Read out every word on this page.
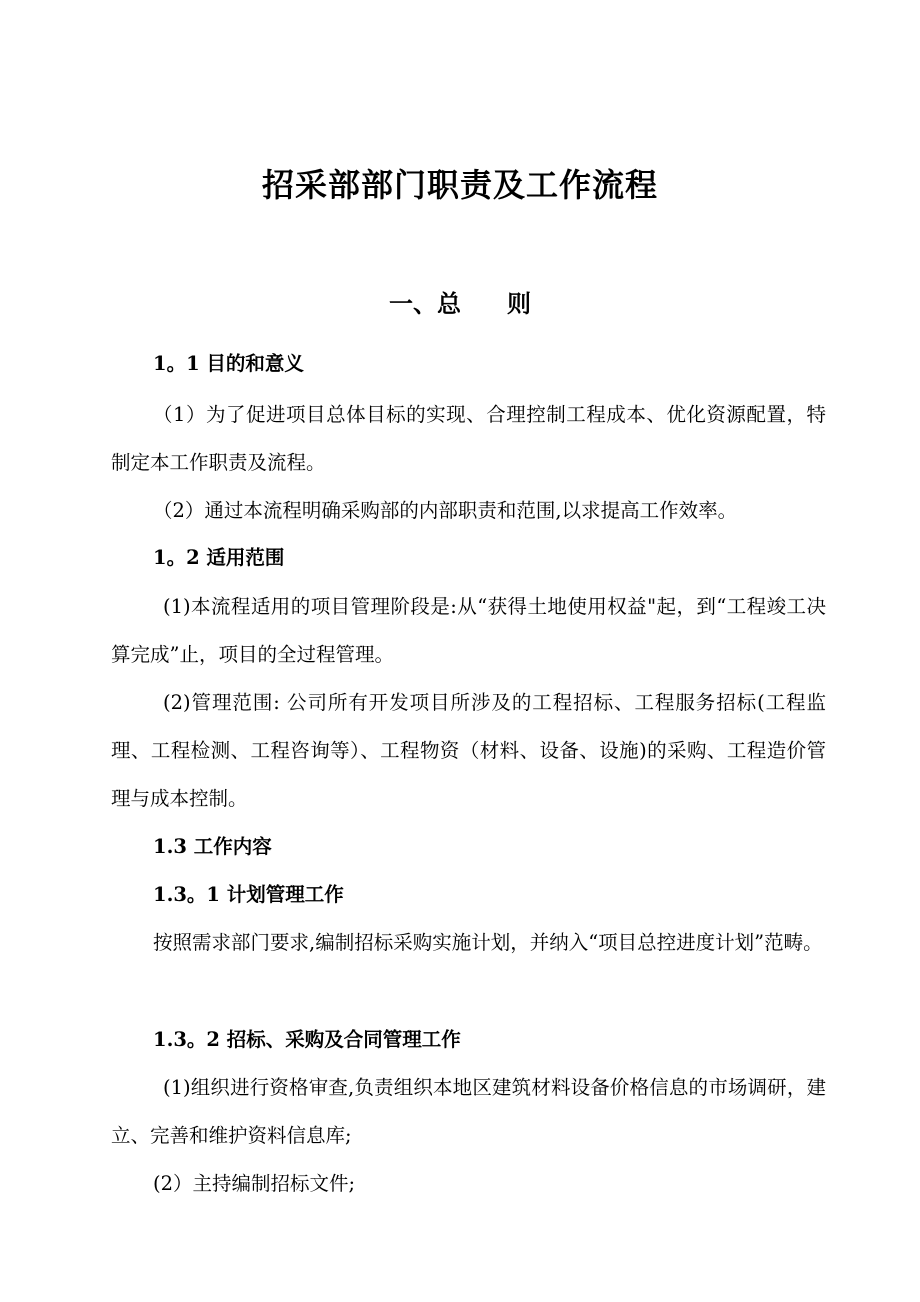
招采部部门职责及工作流程
一、总 则
1。1 目的和意义

（1）为了促进项目总体目标的实现、合理控制工程成本、优化资源配置，特制定本工作职责及流程。

（2）通过本流程明确采购部的内部职责和范围,以求提高工作效率。

1。2 适用范围

(1)本流程适用的项目管理阶段是:从“获得土地使用权益"起，到“工程竣工决算完成”止，项目的全过程管理。

(2)管理范围: 公司所有开发项目所涉及的工程招标、工程服务招标(工程监理、工程检测、工程咨询等）、工程物资（材料、设备、设施)的采购、工程造价管理与成本控制。

1.3 工作内容
1.3。1 计划管理工作

按照需求部门要求,编制招标采购实施计划，并纳入“项目总控进度计划”范畴。

1.3。2 招标、采购及合同管理工作

(1)组织进行资格审查,负责组织本地区建筑材料设备价格信息的市场调研，建立、完善和维护资料信息库;

(2）主持编制招标文件;
